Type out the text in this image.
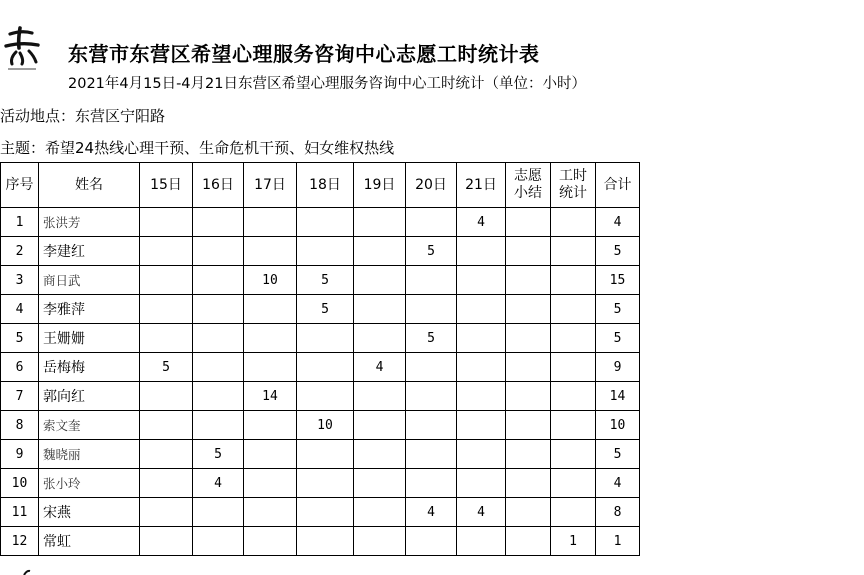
东营市东营区希望心理服务咨询中心志愿工时统计表
2021年4月15日-4月21日东营区希望心理服务咨询中心工时统计（单位：小时）
活动地点：东营区宁阳路
主题：希望24热线心理干预、生命危机干预、妇女维权热线
序号	姓名	15日	16日	17日	18日	19日	20日	21日	志愿小结	工时统计	合计
1	张洪芳							4			4
2	李建红						5				5
3	商日武			10	5						15
4	李雅萍				5						5
5	王姗姗						5				5
6	岳梅梅	5				4					9
7	郭向红			14							14
8	索文奎				10						10
9	魏晓丽		5								5
10	张小玲		4								4
11	宋燕						4	4			8
12	常虹									1	1
